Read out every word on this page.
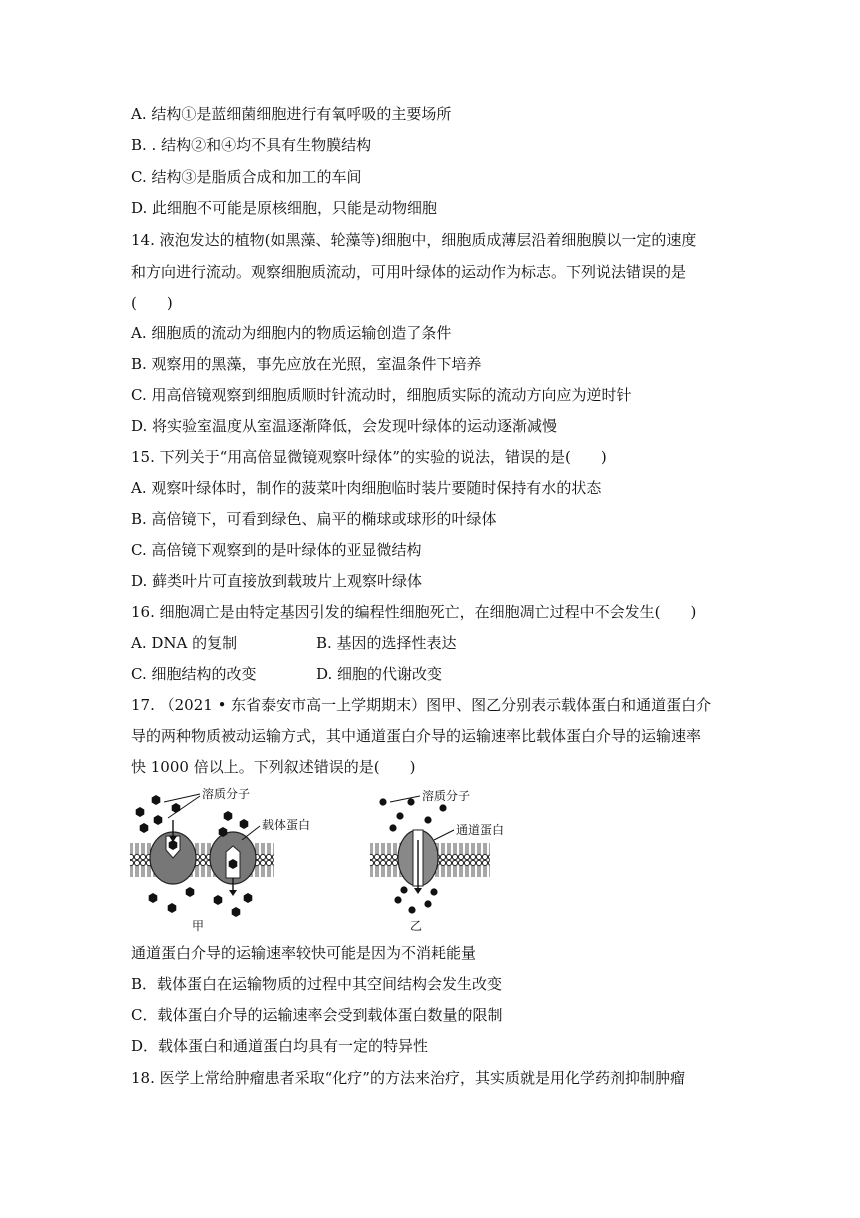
A. 结构①是蓝细菌细胞进行有氧呼吸的主要场所
B. . 结构②和④均不具有生物膜结构
C. 结构③是脂质合成和加工的车间
D. 此细胞不可能是原核细胞，只能是动物细胞
14. 液泡发达的植物(如黑藻、轮藻等)细胞中，细胞质成薄层沿着细胞膜以一定的速度
和方向进行流动。观察细胞质流动，可用叶绿体的运动作为标志。下列说法错误的是
(　　)
A. 细胞质的流动为细胞内的物质运输创造了条件
B. 观察用的黑藻，事先应放在光照，室温条件下培养
C. 用高倍镜观察到细胞质顺时针流动时，细胞质实际的流动方向应为逆时针
D. 将实验室温度从室温逐渐降低，会发现叶绿体的运动逐渐减慢
15. 下列关于“用高倍显微镜观察叶绿体”的实验的说法，错误的是(　　)
A. 观察叶绿体时，制作的菠菜叶肉细胞临时装片要随时保持有水的状态
B. 高倍镜下，可看到绿色、扁平的椭球或球形的叶绿体
C. 高倍镜下观察到的是叶绿体的亚显微结构
D. 藓类叶片可直接放到载玻片上观察叶绿体
16. 细胞凋亡是由特定基因引发的编程性细胞死亡，在细胞凋亡过程中不会发生(　　)
A. DNA 的复制	B. 基因的选择性表达
C. 细胞结构的改变	D. 细胞的代谢改变
17. （2021 • 东省泰安市高一上学期期末）图甲、图乙分别表示载体蛋白和通道蛋白介
导的两种物质被动运输方式，其中通道蛋白介导的运输速率比载体蛋白介导的运输速率
快 1000 倍以上。下列叙述错误的是(　　)
溶质分子
载体蛋白
甲
溶质分子
通道蛋白
乙
通道蛋白介导的运输速率较快可能是因为不消耗能量
B．载体蛋白在运输物质的过程中其空间结构会发生改变
C．载体蛋白介导的运输速率会受到载体蛋白数量的限制
D．载体蛋白和通道蛋白均具有一定的特异性
18. 医学上常给肿瘤患者采取“化疗”的方法来治疗，其实质就是用化学药剂抑制肿瘤
